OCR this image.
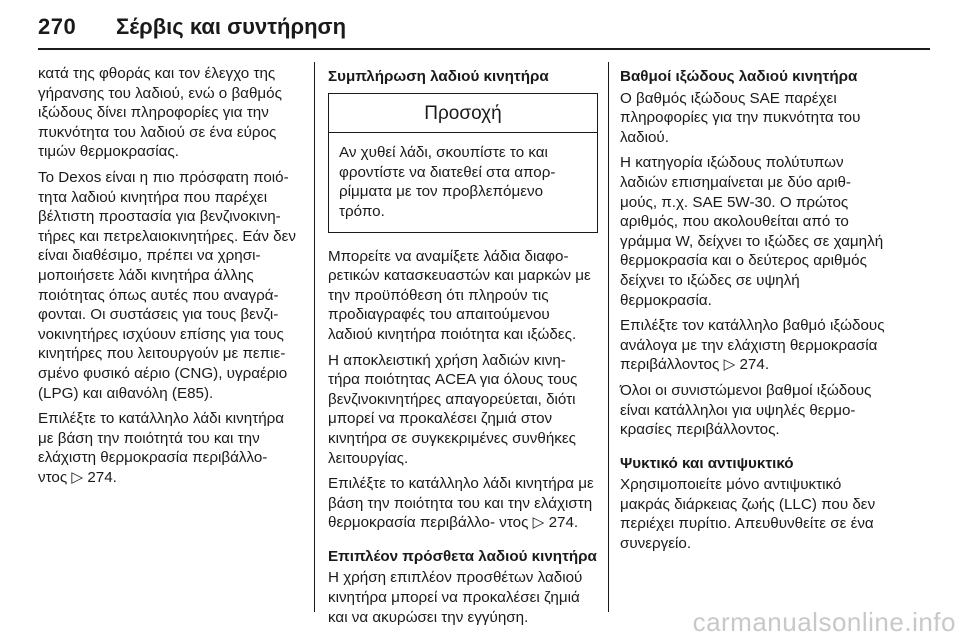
270 Σέρβις και συντήρηση

κατά της φθοράς και τον έλεγχο της γήρανσης του λαδιού, ενώ ο βαθμός ιξώδους δίνει πληροφορίες για την πυκνότητα του λαδιού σε ένα εύρος τιμών θερμοκρασίας.

Το Dexos είναι η πιο πρόσφατη ποιό- τητα λαδιού κινητήρα που παρέχει βέλτιστη προστασία για βενζινοκινη- τήρες και πετρελαιοκινητήρες. Εάν δεν είναι διαθέσιμο, πρέπει να χρησι- μοποιήσετε λάδι κινητήρα άλλης ποιότητας όπως αυτές που αναγρά- φονται. Οι συστάσεις για τους βενζι- νοκινητήρες ισχύουν επίσης για τους κινητήρες που λειτουργούν με πεπιε- σμένο φυσικό αέριο (CNG), υγραέριο (LPG) και αιθανόλη (E85).

Επιλέξτε το κατάλληλο λάδι κινητήρα με βάση την ποιότητά του και την ελάχιστη θερμοκρασία περιβάλλο- ντος ▷ 274.

Συμπλήρωση λαδιού κινητήρα
Προσοχή
Αν χυθεί λάδι, σκουπίστε το και φροντίστε να διατεθεί στα απορ- ρίμματα με τον προβλεπόμενο τρόπο.

Μπορείτε να αναμίξετε λάδια διαφο- ρετικών κατασκευαστών και μαρκών με την προϋπόθεση ότι πληρούν τις προδιαγραφές του απαιτούμενου λαδιού κινητήρα ποιότητα και ιξώδες.

Η αποκλειστική χρήση λαδιών κινη- τήρα ποιότητας ACEA για όλους τους βενζινοκινητήρες απαγορεύεται, διότι μπορεί να προκαλέσει ζημιά στον κινητήρα σε συγκεκριμένες συνθήκες λειτουργίας.

Επιλέξτε το κατάλληλο λάδι κινητήρα με βάση την ποιότητα του και την ελάχιστη θερμοκρασία περιβάλλο- ντος ▷ 274.

Επιπλέον πρόσθετα λαδιού κινητήρα

Η χρήση επιπλέον προσθέτων λαδιού κινητήρα μπορεί να προκαλέσει ζημιά και να ακυρώσει την εγγύηση.

Βαθμοί ιξώδους λαδιού κινητήρα

Ο βαθμός ιξώδους SAE παρέχει πληροφορίες για την πυκνότητα του λαδιού.

Η κατηγορία ιξώδους πολύτυπων λαδιών επισημαίνεται με δύο αριθ- μούς, π.χ. SAE 5W-30. Ο πρώτος αριθμός, που ακολουθείται από το γράμμα W, δείχνει το ιξώδες σε χαμηλή θερμοκρασία και ο δεύτερος αριθμός δείχνει το ιξώδες σε υψηλή θερμοκρασία.

Επιλέξτε τον κατάλληλο βαθμό ιξώδους ανάλογα με την ελάχιστη θερμοκρασία περιβάλλοντος ▷ 274.

Όλοι οι συνιστώμενοι βαθμοί ιξώδους είναι κατάλληλοι για υψηλές θερμο- κρασίες περιβάλλοντος.

Ψυκτικό και αντιψυκτικό

Χρησιμοποιείτε μόνο αντιψυκτικό μακράς διάρκειας ζωής (LLC) που δεν περιέχει πυρίτιο. Απευθυνθείτε σε ένα συνεργείο.

carmanualsonline.info
